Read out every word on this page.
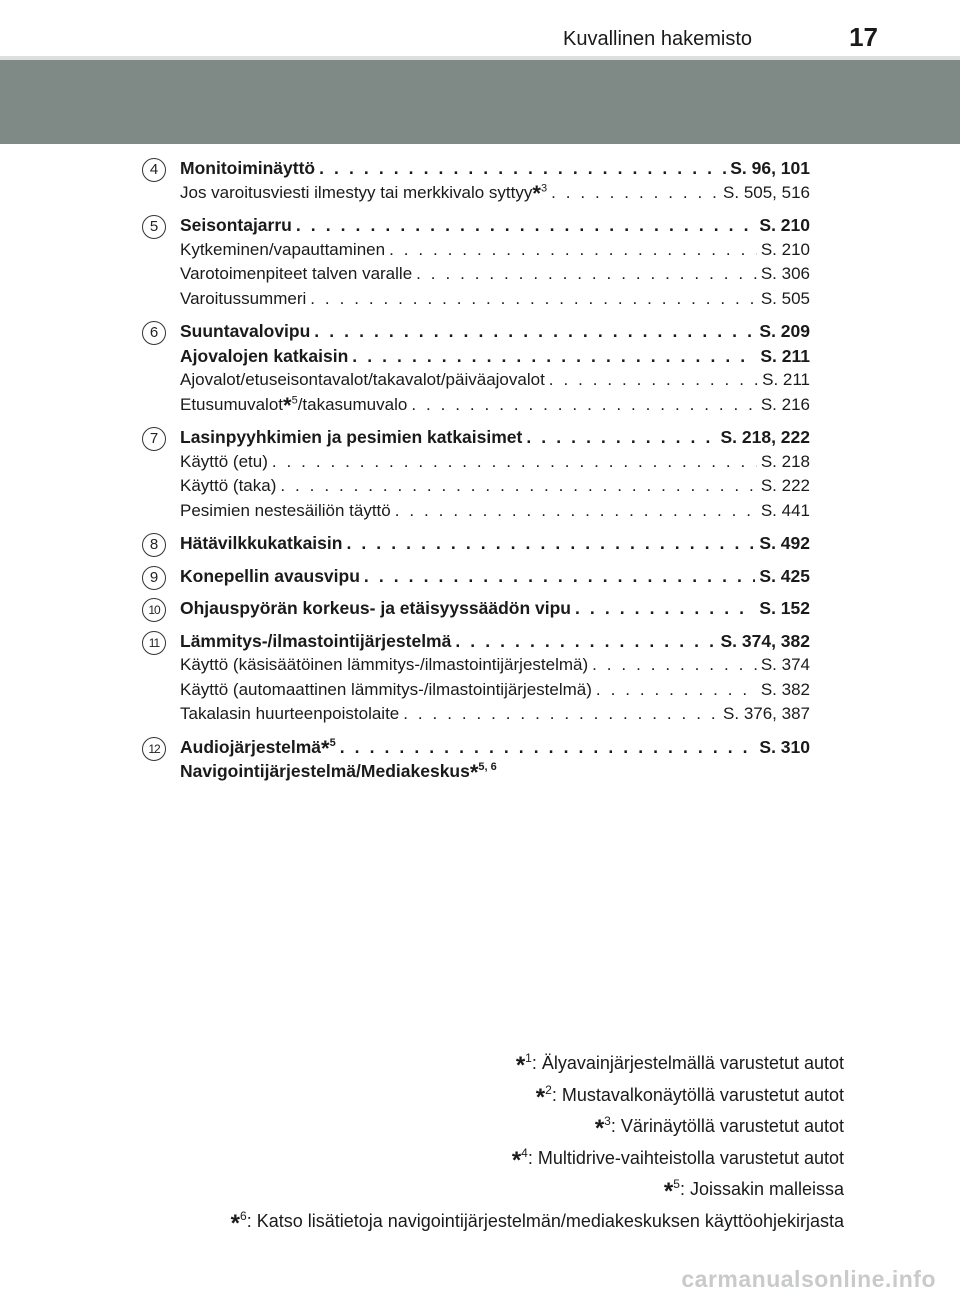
Kuvallinen hakemisto	17
4	Monitoiminäyttö . . .	S. 96, 101
Jos varoitusviesti ilmestyy tai merkkivalo syttyy*$^3$ . . .	S. 505, 516
5	Seisontajarru . . .	S. 210
Kytkeminen/vapauttaminen . . .	S. 210
Varotoimenpiteet talven varalle . . .	S. 306
Varoitussummeri . . .	S. 505
6	Suuntavalovipu . . .	S. 209
Ajovalojen katkaisin . . .	S. 211
Ajovalot/etuseisontavalot/takavalot/päiväajovalot . . .	S. 211
Etusumuvalot*$^5$/takasumuvalo . . .	S. 216
7	Lasinpyyhkimien ja pesimien katkaisimet . . .	S. 218, 222
Käyttö (etu) . . .	S. 218
Käyttö (taka) . . .	S. 222
Pesimien nestesäiliön täyttö . . .	S. 441
8	Hätävilkkukatkaisin . . .	S. 492
9	Konepellin avausvipu . . .	S. 425
10	Ohjauspyörän korkeus- ja etäisyyssäädön vipu . . .	S. 152
11	Lämmitys-/ilmastointijärjestelmä . . .	S. 374, 382
Käyttö (käsisäätöinen lämmitys-/ilmastointijärjestelmä) . . .	S. 374
Käyttö (automaattinen lämmitys-/ilmastointijärjestelmä) . . .	S. 382
Takalasin huurteenpoistolaite . . .	S. 376, 387
12	Audiojärjestelmä*$^5$ . . .	S. 310
Navigointijärjestelmä/Mediakeskus*$^{5, 6}$
*$^1$: Älyavainjärjestelmällä varustetut autot
*$^2$: Mustavalkonäytöllä varustetut autot
*$^3$: Värinäytöllä varustetut autot
*$^4$: Multidrive-vaihteistolla varustetut autot
*$^5$: Joissakin malleissa
*$^6$: Katso lisätietoja navigointijärjestelmän/mediakeskuksen käyttöohjekirjasta
carmanualsonline.info
